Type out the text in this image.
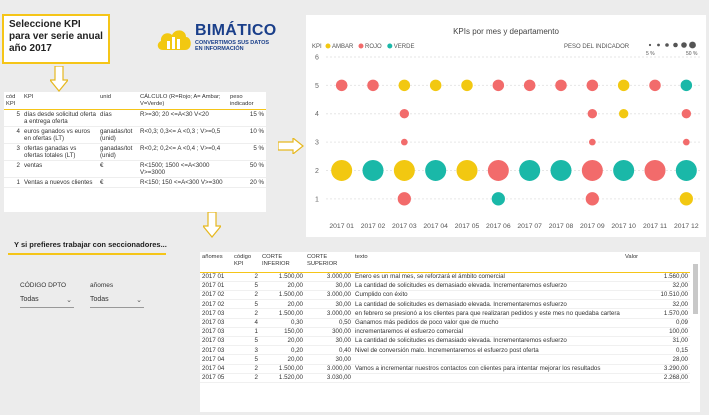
Seleccione KPI para ver serie anual año 2017
BIMÁTICO
CONVERTIMOS SUS DATOS
EN INFORMACIÓN
cód KPI	KPI	unid	CÁLCULO (R=Rojo; A= Ambar; V=Verde)	peso indicador
5	días desde solicitud oferta a entrega oferta	días	R>=30; 20 <=A<30 V<20	15 %
4	euros ganados vs euros en ofertas (LT)	ganadas/tot (unid)	R<0,3; 0,3<= A <0,3 ; V>=0,5	10 %
3	ofertas ganadas vs ofertas totales (LT)	ganadas/tot (unid)	R<0,2; 0,2<= A <0,4 ; V>=0,4	5 %
2	ventas	€	R<1500; 1500 <=A<3000 V>=3000	50 %
1	Ventas a nuevos clientes	€	R<150; 150 <=A<300 V>=300	20 %
KPIs por mes y departamento
KPI AMBAR ROJO VERDE	PESO DEL INDICADOR
5 %	50 %
1
2
3
4
5
6
2017 01 2017 02 2017 03 2017 04 2017 05 2017 06 2017 07 2017 08 2017 09 2017 10 2017 11 2017 12
Y si prefieres trabajar con seccionadores...
CÓDIGO DPTO
Todas	⌄
añomes
Todas	⌄
añomes	código KPI	CORTE INFERIOR	CORTE SUPERIOR	texto	Valor
2017 01	2	1.500,00	3.000,00	Enero es un mal mes, se reforzará el ámbito comercial	1.560,00
2017 01	5	20,00	30,00	La cantidad de solicitudes es demasiado elevada. Incrementaremos esfuerzo	32,00
2017 02	2	1.500,00	3.000,00	Cumplido con éxito	10.510,00
2017 02	5	20,00	30,00	La cantidad de solicitudes es demasiado elevada. Incrementaremos esfuerzo	32,00
2017 03	2	1.500,00	3.000,00	en febrero se presionó a los clientes para que realizaran pedidos y este mes no quedaba cartera	1.570,00
2017 03	4	0,30	0,50	Ganamos más pedidos de poco valor que de mucho	0,09
2017 03	1	150,00	300,00	incrementaremos el esfuerzo comercial	100,00
2017 03	5	20,00	30,00	La cantidad de solicitudes es demasiado elevada. Incrementaremos esfuerzo	31,00
2017 03	3	0,20	0,40	Nivel de conversión malo. Incrementaremos el esfuerzo post oferta	0,15
2017 04	5	20,00	30,00		28,00
2017 04	2	1.500,00	3.000,00	Vamos a incrementar nuestros contactos con clientes para intentar mejorar los resultados	3.290,00
2017 05	2	1.520,00	3.030,00		2.268,00
